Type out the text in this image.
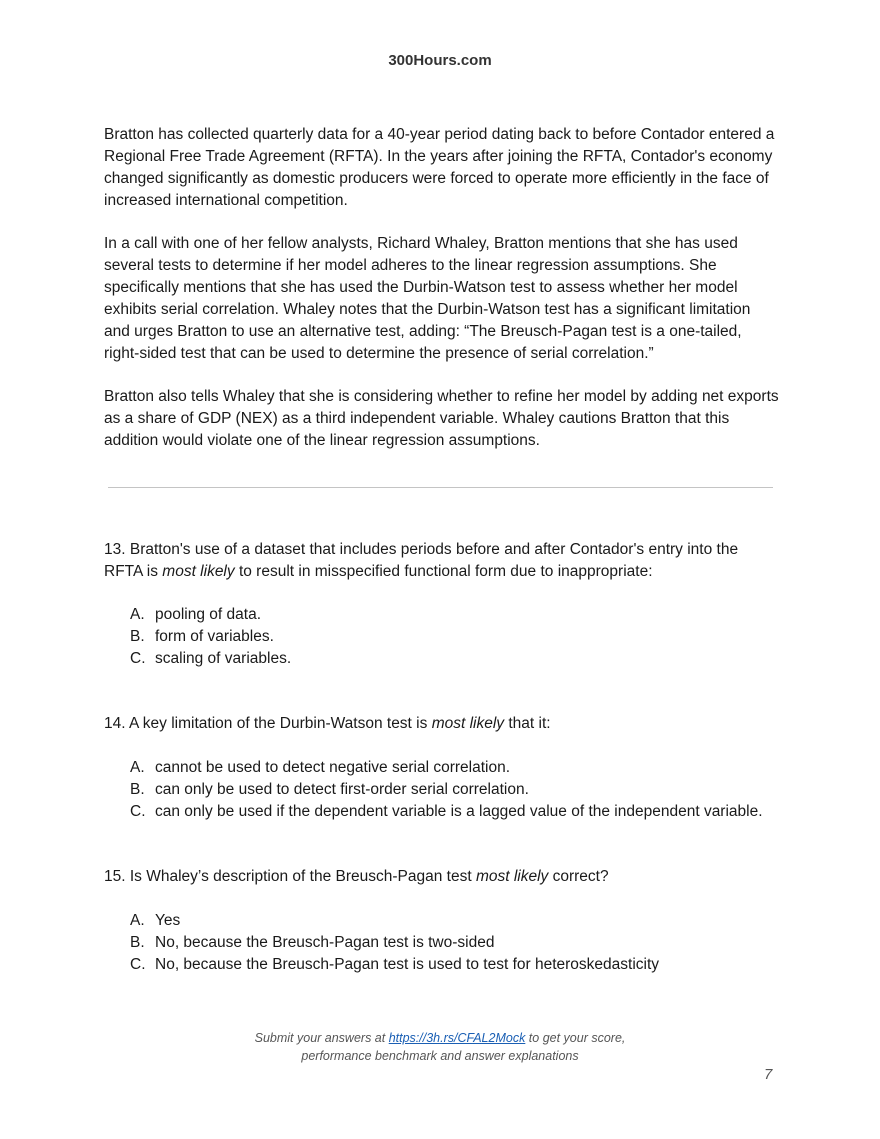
300Hours.com

Bratton has collected quarterly data for a 40-year period dating back to before Contador entered a Regional Free Trade Agreement (RFTA). In the years after joining the RFTA, Contador's economy changed significantly as domestic producers were forced to operate more efficiently in the face of increased international competition.

In a call with one of her fellow analysts, Richard Whaley, Bratton mentions that she has used several tests to determine if her model adheres to the linear regression assumptions. She specifically mentions that she has used the Durbin-Watson test to assess whether her model exhibits serial correlation. Whaley notes that the Durbin-Watson test has a significant limitation and urges Bratton to use an alternative test, adding: “The Breusch-Pagan test is a one-tailed, right-sided test that can be used to determine the presence of serial correlation.”

Bratton also tells Whaley that she is considering whether to refine her model by adding net exports as a share of GDP (NEX) as a third independent variable. Whaley cautions Bratton that this addition would violate one of the linear regression assumptions.

13. Bratton's use of a dataset that includes periods before and after Contador's entry into the RFTA is most likely to result in misspecified functional form due to inappropriate:

A. pooling of data.
B. form of variables.
C. scaling of variables.

14. A key limitation of the Durbin-Watson test is most likely that it:

A. cannot be used to detect negative serial correlation.
B. can only be used to detect first-order serial correlation.
C. can only be used if the dependent variable is a lagged value of the independent variable.

15. Is Whaley’s description of the Breusch-Pagan test most likely correct?

A. Yes
B. No, because the Breusch-Pagan test is two-sided
C. No, because the Breusch-Pagan test is used to test for heteroskedasticity
Submit your answers at https://3h.rs/CFAL2Mock to get your score,
performance benchmark and answer explanations
7
